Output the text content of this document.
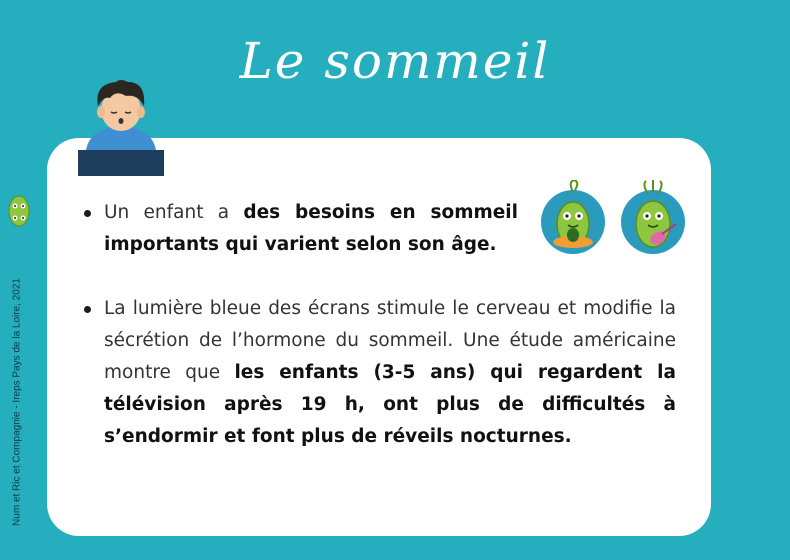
Le sommeil
Num et Ric et Compagnie - Ireps Pays de la Loire, 2021
Un enfant a des besoins en sommeil importants qui varient selon son âge.
La lumière bleue des écrans stimule le cerveau et modifie la sécrétion de l’hormone du sommeil. Une étude américaine montre que les enfants (3-5 ans) qui regardent la télévision après 19 h, ont plus de difficultés à s’endormir et font plus de réveils nocturnes.
